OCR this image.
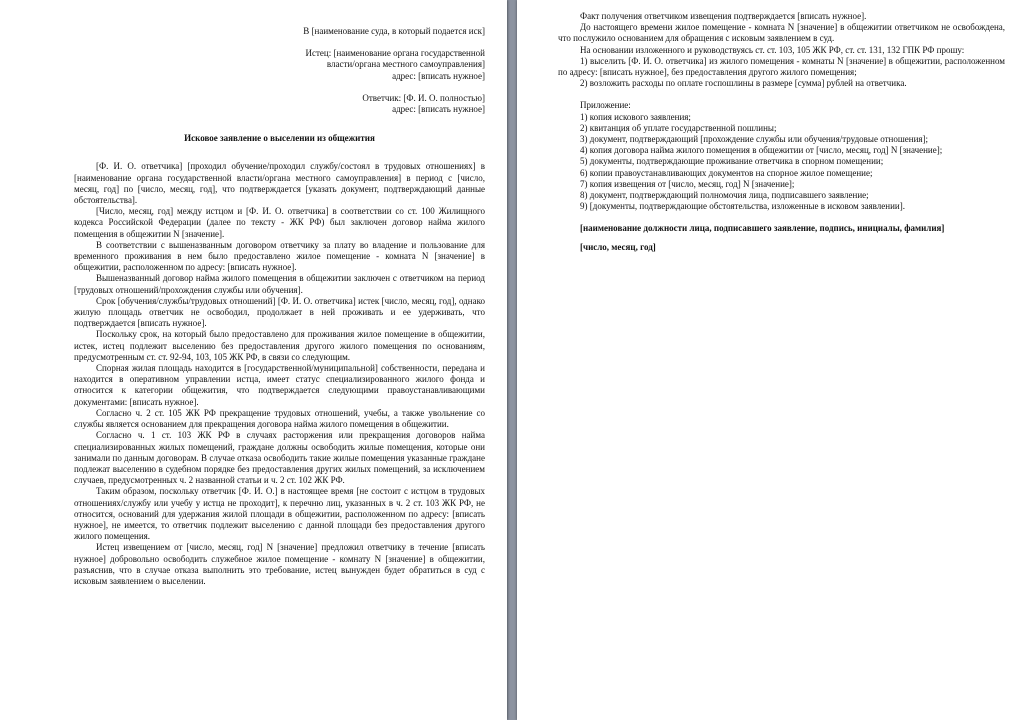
В [наименование суда, в который подается иск]

Истец: [наименование органа государственной

власти/органа местного самоуправления]

адрес: [вписать нужное]

Ответчик: [Ф. И. О. полностью]

адрес: [вписать нужное]

Исковое заявление о выселении из общежития

[Ф. И. О. ответчика] [проходил обучение/проходил службу/состоял в трудовых отношениях] в [наименование органа государственной власти/органа местного самоуправления] в период с [число, месяц, год] по [число, месяц, год], что подтверждается [указать документ, подтверждающий данные обстоятельства].

[Число, месяц, год] между истцом и [Ф. И. О. ответчика] в соответствии со ст. 100 Жилищного кодекса Российской Федерации (далее по тексту - ЖК РФ) был заключен договор найма жилого помещения в общежитии N [значение].

В соответствии с вышеназванным договором ответчику за плату во владение и пользование для временного проживания в нем было предоставлено жилое помещение - комната N [значение] в общежитии, расположенном по адресу: [вписать нужное].

Вышеназванный договор найма жилого помещения в общежитии заключен с ответчиком на период [трудовых отношений/прохождения службы или обучения].

Срок [обучения/службы/трудовых отношений] [Ф. И. О. ответчика] истек [число, месяц, год], однако жилую площадь ответчик не освободил, продолжает в ней проживать и ее удерживать, что подтверждается [вписать нужное].

Поскольку срок, на который было предоставлено для проживания жилое помещение в общежитии, истек, истец подлежит выселению без предоставления другого жилого помещения по основаниям, предусмотренным ст. ст. 92-94, 103, 105 ЖК РФ, в связи со следующим.

Спорная жилая площадь находится в [государственной/муниципальной] собственности, передана и находится в оперативном управлении истца, имеет статус специализированного жилого фонда и относится к категории общежития, что подтверждается следующими правоустанавливающими документами: [вписать нужное].

Согласно ч. 2 ст. 105 ЖК РФ прекращение трудовых отношений, учебы, а также увольнение со службы является основанием для прекращения договора найма жилого помещения в общежитии.

Согласно ч. 1 ст. 103 ЖК РФ в случаях расторжения или прекращения договоров найма специализированных жилых помещений, граждане должны освободить жилые помещения, которые они занимали по данным договорам. В случае отказа освободить такие жилые помещения указанные граждане подлежат выселению в судебном порядке без предоставления других жилых помещений, за исключением случаев, предусмотренных ч. 2 названной статьи и ч. 2 ст. 102 ЖК РФ.

Таким образом, поскольку ответчик [Ф. И. О.] в настоящее время [не состоит с истцом в трудовых отношениях/службу или учебу у истца не проходит], к перечню лиц, указанных в ч. 2 ст. 103 ЖК РФ, не относится, оснований для удержания жилой площади в общежитии, расположенном по адресу: [вписать нужное], не имеется, то ответчик подлежит выселению с данной площади без предоставления другого жилого помещения.

Истец извещением от [число, месяц, год] N [значение] предложил ответчику в течение [вписать нужное] добровольно освободить служебное жилое помещение - комнату N [значение] в общежитии, разъяснив, что в случае отказа выполнить это требование, истец вынужден будет обратиться в суд с исковым заявлением о выселении.

Факт получения ответчиком извещения подтверждается [вписать нужное].

До настоящего времени жилое помещение - комната N [значение] в общежитии ответчиком не освобождена, что послужило основанием для обращения с исковым заявлением в суд.

На основании изложенного и руководствуясь ст. ст. 103, 105 ЖК РФ, ст. ст. 131, 132 ГПК РФ прошу:

1) выселить [Ф. И. О. ответчика] из жилого помещения - комнаты N [значение] в общежитии, расположенном по адресу: [вписать нужное], без предоставления другого жилого помещения;

2) возложить расходы по оплате госпошлины в размере [сумма] рублей на ответчика.

Приложение:

1) копия искового заявления;

2) квитанция об уплате государственной пошлины;

3) документ, подтверждающий [прохождение службы или обучения/трудовые отношения];

4) копия договора найма жилого помещения в общежитии от [число, месяц, год] N [значение];

5) документы, подтверждающие проживание ответчика в спорном помещении;

6) копии правоустанавливающих документов на спорное жилое помещение;

7) копия извещения от [число, месяц, год] N [значение];

8) документ, подтверждающий полномочия лица, подписавшего заявление;

9) [документы, подтверждающие обстоятельства, изложенные в исковом заявлении].

[наименование должности лица, подписавшего заявление, подпись, инициалы, фамилия]

[число, месяц, год]
